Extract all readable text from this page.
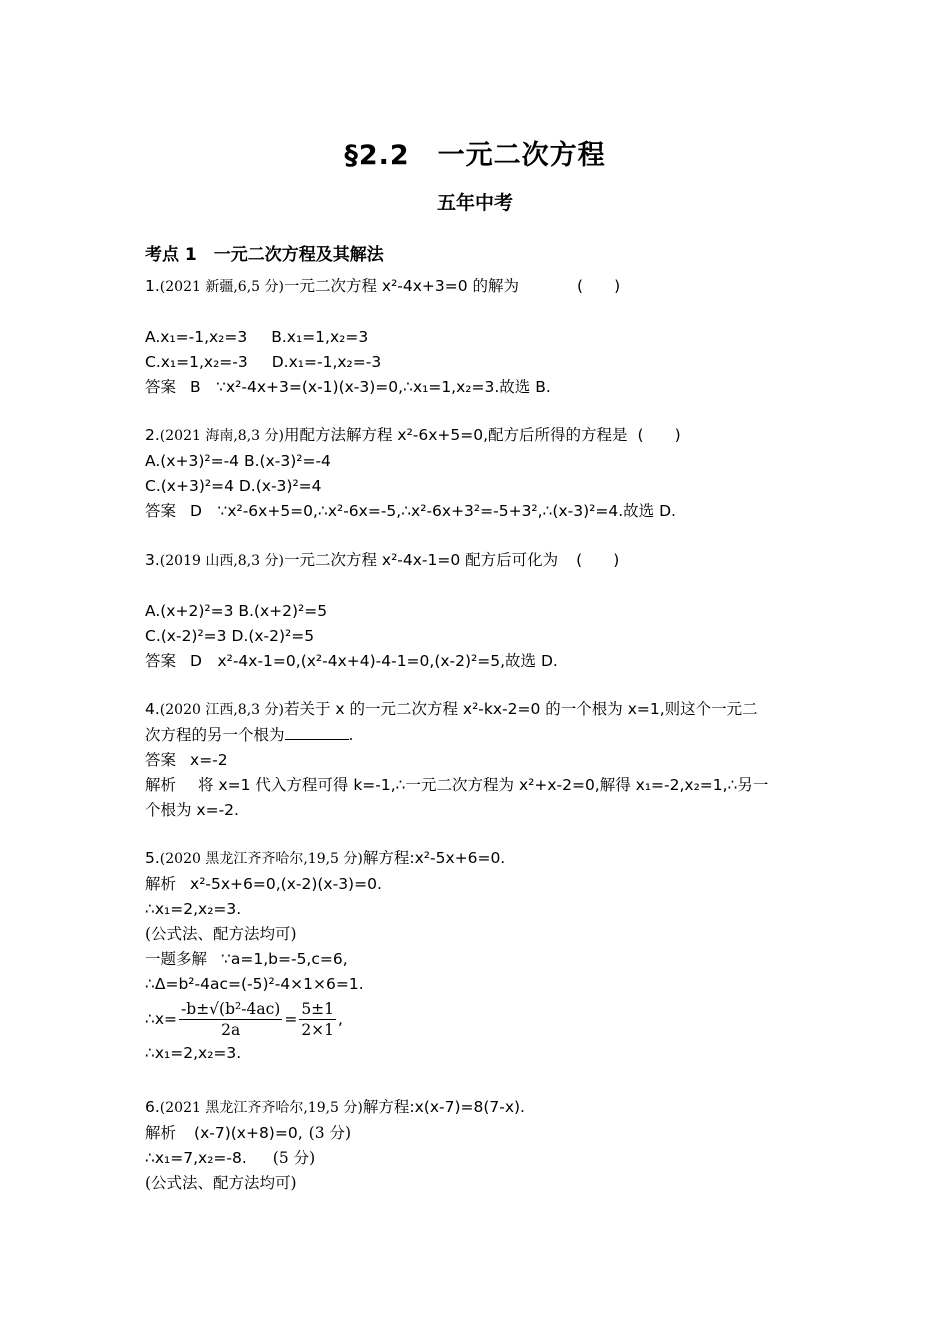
§2.2　一元二次方程
五年中考
考点 1　一元二次方程及其解法
1.(2021 新疆,6,5 分)一元二次方程 x²-4x+3=0 的解为	(　　)
A.x₁=-1,x₂=3 B.x₁=1,x₂=3
C.x₁=1,x₂=-3 D.x₁=-1,x₂=-3
答案 B　∵x²-4x+3=(x-1)(x-3)=0,∴x₁=1,x₂=3.故选 B.
2.(2021 海南,8,3 分)用配方法解方程 x²-6x+5=0,配方后所得的方程是 (　　)
A.(x+3)²=-4 B.(x-3)²=-4
C.(x+3)²=4 D.(x-3)²=4
答案 D　∵x²-6x+5=0,∴x²-6x=-5,∴x²-6x+3²=-5+3²,∴(x-3)²=4.故选 D.
3.(2019 山西,8,3 分)一元二次方程 x²-4x-1=0 配方后可化为 (　　)
A.(x+2)²=3 B.(x+2)²=5
C.(x-2)²=3 D.(x-2)²=5
答案 D　x²-4x-1=0,(x²-4x+4)-4-1=0,(x-2)²=5,故选 D.
4.(2020 江西,8,3 分)若关于 x 的一元二次方程 x²-kx-2=0 的一个根为 x=1,则这个一元二
次方程的另一个根为	.
答案 x=-2
解析 将 x=1 代入方程可得 k=-1,∴一元二次方程为 x²+x-2=0,解得 x₁=-2,x₂=1,∴另一
个根为 x=-2.
5.(2020 黑龙江齐齐哈尔,19,5 分)解方程:x²-5x+6=0.
解析 x²-5x+6=0,(x-2)(x-3)=0.
∴x₁=2,x₂=3.
(公式法、配方法均可)
一题多解 ∵a=1,b=-5,c=6,
∴Δ=b²-4ac=(-5)²-4×1×6=1.
∴x= $\frac{\text{-b±√(b²-4ac)}}{2a} = \frac{5\pm 1}{2\times 1}$ ,
∴x₁=2,x₂=3.
6.(2021 黑龙江齐齐哈尔,19,5 分)解方程:x(x-7)=8(7-x).
解析 (x-7)(x+8)=0, (3 分)
∴x₁=7,x₂=-8. (5 分)
(公式法、配方法均可)
